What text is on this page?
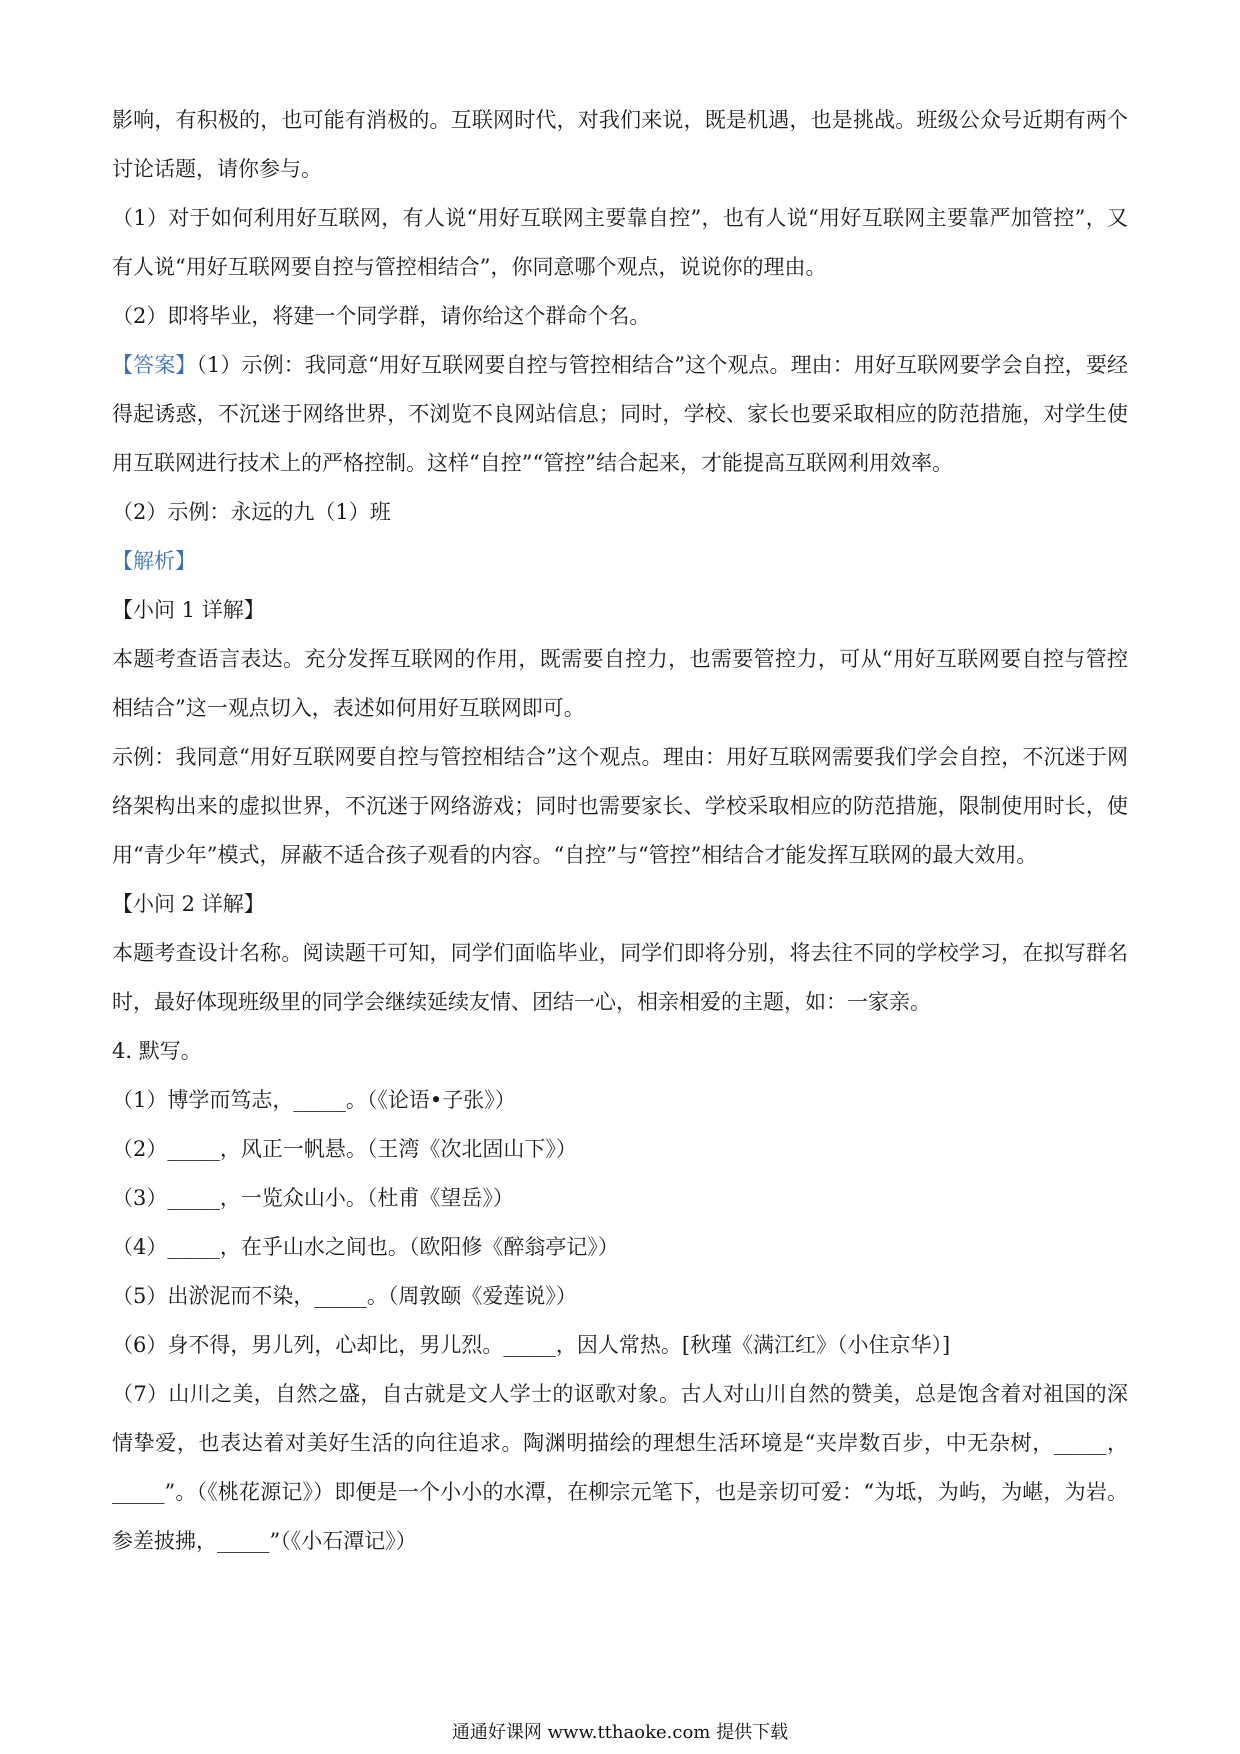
影响，有积极的，也可能有消极的。互联网时代，对我们来说，既是机遇，也是挑战。班级公众号近期有两个讨论话题，请你参与。

（1）对于如何利用好互联网，有人说“用好互联网主要靠自控”，也有人说“用好互联网主要靠严加管控”，又有人说“用好互联网要自控与管控相结合”，你同意哪个观点，说说你的理由。

（2）即将毕业，将建一个同学群，请你给这个群命个名。

【答案】（1）示例：我同意“用好互联网要自控与管控相结合”这个观点。理由：用好互联网要学会自控，要经得起诱惑，不沉迷于网络世界，不浏览不良网站信息；同时，学校、家长也要采取相应的防范措施，对学生使用互联网进行技术上的严格控制。这样“自控”“管控”结合起来，才能提高互联网利用效率。

（2）示例：永远的九（1）班

【解析】

【小问 1 详解】

本题考查语言表达。充分发挥互联网的作用，既需要自控力，也需要管控力，可从“用好互联网要自控与管控相结合”这一观点切入，表述如何用好互联网即可。

示例：我同意“用好互联网要自控与管控相结合”这个观点。理由：用好互联网需要我们学会自控，不沉迷于网络架构出来的虚拟世界，不沉迷于网络游戏；同时也需要家长、学校采取相应的防范措施，限制使用时长，使用“青少年”模式，屏蔽不适合孩子观看的内容。“自控”与“管控”相结合才能发挥互联网的最大效用。

【小问 2 详解】

本题考查设计名称。阅读题干可知，同学们面临毕业，同学们即将分别，将去往不同的学校学习，在拟写群名时，最好体现班级里的同学会继续延续友情、团结一心，相亲相爱的主题，如：一家亲。

4. 默写。

（1）博学而笃志，_____。（《论语•子张》）

（2）_____，风正一帆悬。（王湾《次北固山下》）

（3）_____，一览众山小。（杜甫《望岳》）

（4）_____，在乎山水之间也。（欧阳修《醉翁亭记》）

（5）出淤泥而不染，_____。（周敦颐《爱莲说》）

（6）身不得，男儿列，心却比，男儿烈。_____，因人常热。[秋瑾《满江红》（小住京华）]

（7）山川之美，自然之盛，自古就是文人学士的讴歌对象。古人对山川自然的赞美，总是饱含着对祖国的深情挚爱，也表达着对美好生活的向往追求。陶渊明描绘的理想生活环境是“夹岸数百步，中无杂树，_____，_____”。（《桃花源记》）即便是一个小小的水潭，在柳宗元笔下，也是亲切可爱：“为坻，为屿，为嵁，为岩。参差披拂，_____”（《小石潭记》）

通通好课网 www.tthaoke.com 提供下载
